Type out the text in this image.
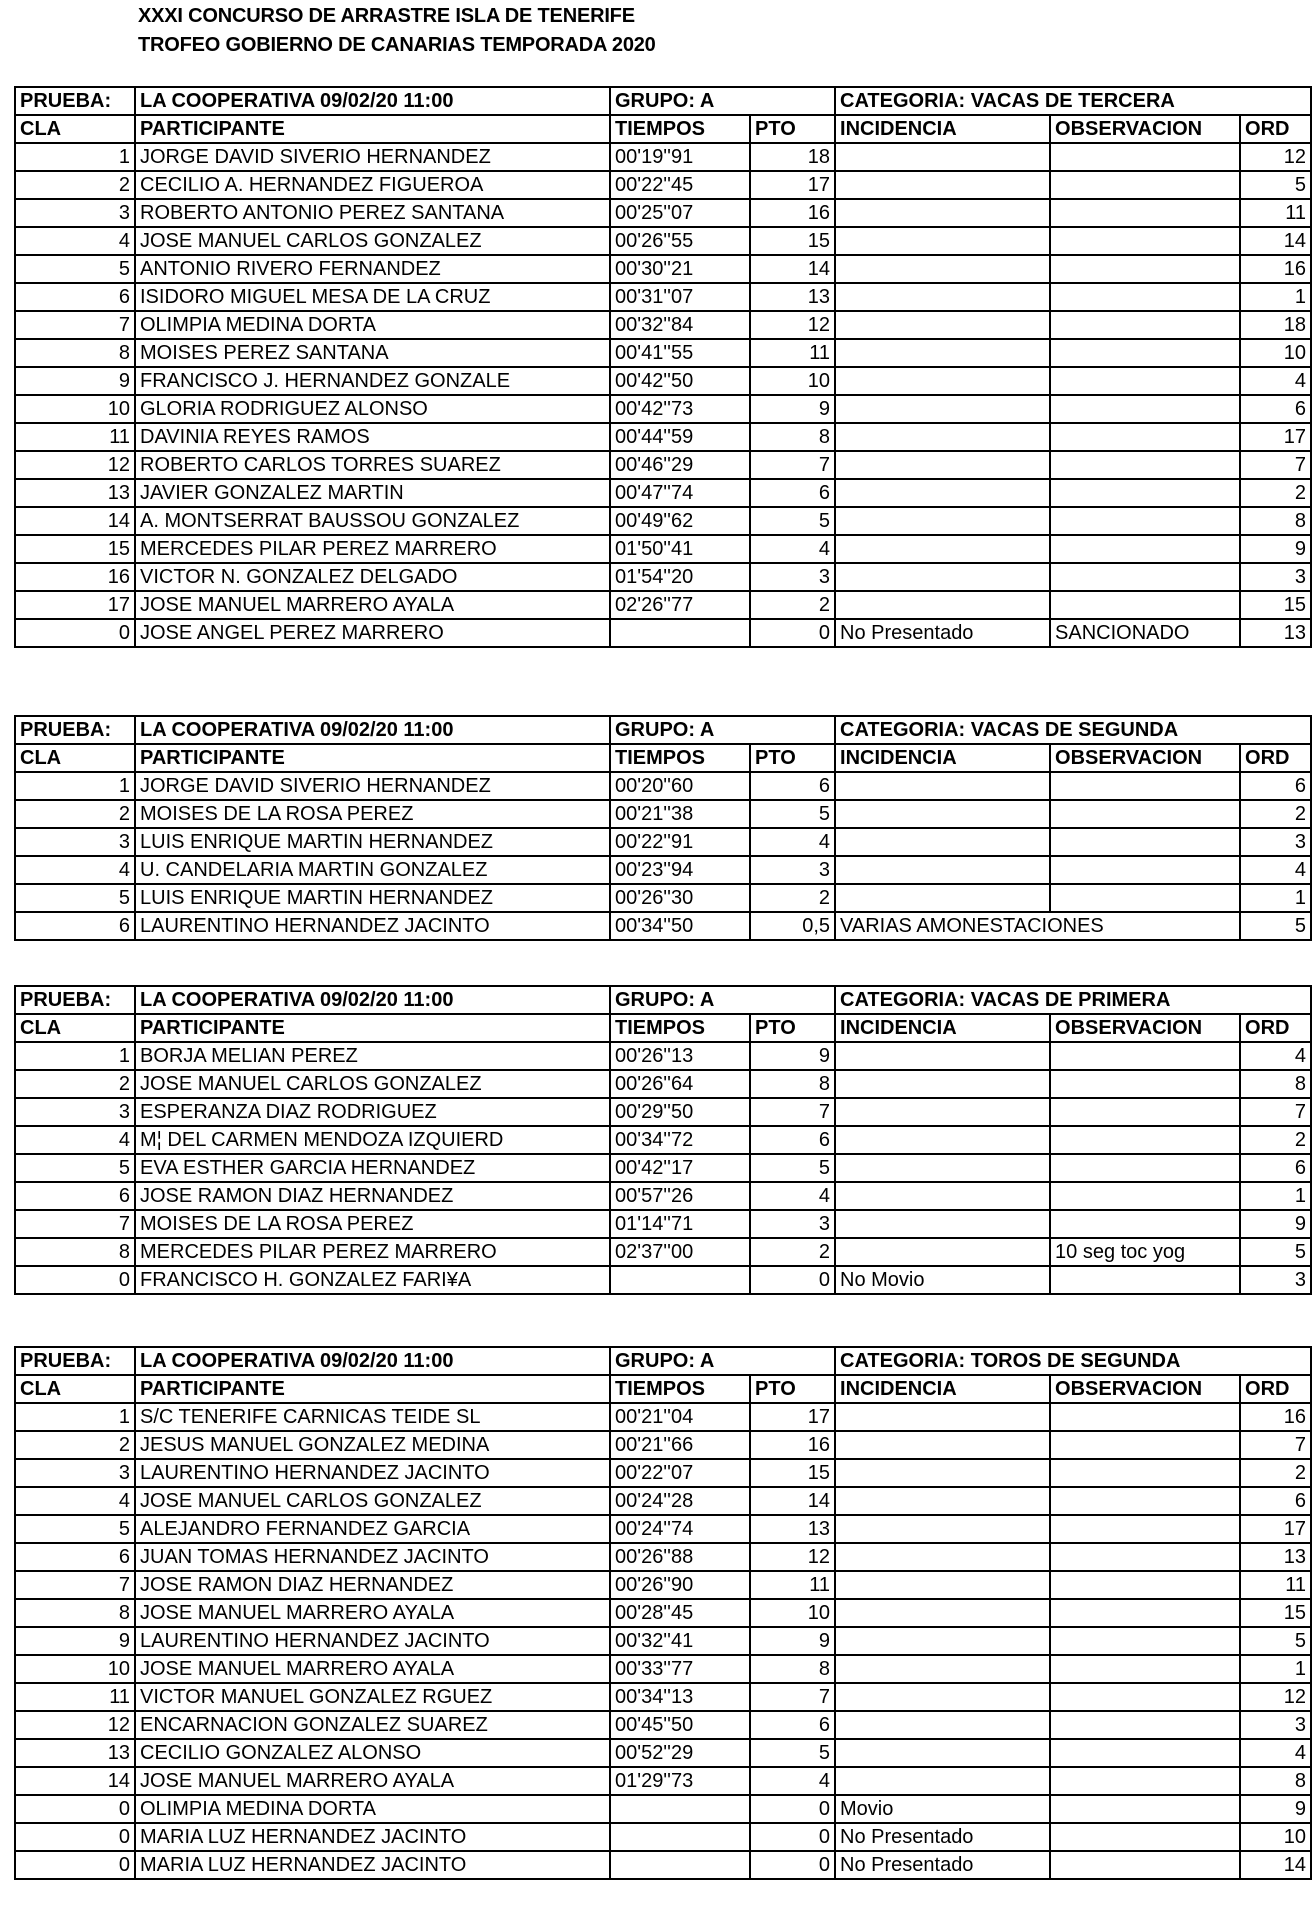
XXXI CONCURSO DE ARRASTRE ISLA DE TENERIFE
TROFEO GOBIERNO DE CANARIAS TEMPORADA 2020
PRUEBA:	LA COOPERATIVA 09/02/20 11:00	GRUPO: A		CATEGORIA: VACAS DE TERCERA		
CLA	PARTICIPANTE	TIEMPOS	PTO	INCIDENCIA	OBSERVACION	ORD
1	JORGE DAVID SIVERIO HERNANDEZ	00'19''91	18			12
2	CECILIO A. HERNANDEZ FIGUEROA	00'22''45	17			5
3	ROBERTO ANTONIO PEREZ SANTANA	00'25''07	16			11
4	JOSE MANUEL CARLOS GONZALEZ	00'26''55	15			14
5	ANTONIO RIVERO FERNANDEZ	00'30''21	14			16
6	ISIDORO MIGUEL MESA DE LA CRUZ	00'31''07	13			1
7	OLIMPIA MEDINA DORTA	00'32''84	12			18
8	MOISES PEREZ SANTANA	00'41''55	11			10
9	FRANCISCO J. HERNANDEZ GONZALE	00'42''50	10			4
10	GLORIA RODRIGUEZ ALONSO	00'42''73	9			6
11	DAVINIA REYES RAMOS	00'44''59	8			17
12	ROBERTO CARLOS TORRES SUAREZ	00'46''29	7			7
13	JAVIER GONZALEZ MARTIN	00'47''74	6			2
14	A. MONTSERRAT BAUSSOU GONZALEZ	00'49''62	5			8
15	MERCEDES PILAR PEREZ MARRERO	01'50''41	4			9
16	VICTOR N. GONZALEZ DELGADO	01'54''20	3			3
17	JOSE MANUEL MARRERO AYALA	02'26''77	2			15
0	JOSE ANGEL PEREZ MARRERO		0	No Presentado	SANCIONADO	13
PRUEBA:	LA COOPERATIVA 09/02/20 11:00	GRUPO: A		CATEGORIA: VACAS DE SEGUNDA		
CLA	PARTICIPANTE	TIEMPOS	PTO	INCIDENCIA	OBSERVACION	ORD
1	JORGE DAVID SIVERIO HERNANDEZ	00'20''60	6			6
2	MOISES DE LA ROSA PEREZ	00'21''38	5			2
3	LUIS ENRIQUE MARTIN HERNANDEZ	00'22''91	4			3
4	U. CANDELARIA MARTIN GONZALEZ	00'23''94	3			4
5	LUIS ENRIQUE MARTIN HERNANDEZ	00'26''30	2			1
6	LAURENTINO HERNANDEZ JACINTO	00'34''50	0,5	VARIAS AMONESTACIONES		5
PRUEBA:	LA COOPERATIVA 09/02/20 11:00	GRUPO: A		CATEGORIA: VACAS DE PRIMERA		
CLA	PARTICIPANTE	TIEMPOS	PTO	INCIDENCIA	OBSERVACION	ORD
1	BORJA MELIAN PEREZ	00'26''13	9			4
2	JOSE MANUEL CARLOS GONZALEZ	00'26''64	8			8
3	ESPERANZA DIAZ RODRIGUEZ	00'29''50	7			7
4	M¦ DEL CARMEN MENDOZA IZQUIERD	00'34''72	6			2
5	EVA ESTHER GARCIA HERNANDEZ	00'42''17	5			6
6	JOSE RAMON DIAZ HERNANDEZ	00'57''26	4			1
7	MOISES DE LA ROSA PEREZ	01'14''71	3			9
8	MERCEDES PILAR PEREZ MARRERO	02'37''00	2		10 seg toc yog	5
0	FRANCISCO H. GONZALEZ FARI¥A		0	No Movio		3
PRUEBA:	LA COOPERATIVA 09/02/20 11:00	GRUPO: A		CATEGORIA: TOROS DE SEGUNDA		
CLA	PARTICIPANTE	TIEMPOS	PTO	INCIDENCIA	OBSERVACION	ORD
1	S/C TENERIFE CARNICAS TEIDE SL	00'21''04	17			16
2	JESUS MANUEL GONZALEZ MEDINA	00'21''66	16			7
3	LAURENTINO HERNANDEZ JACINTO	00'22''07	15			2
4	JOSE MANUEL CARLOS GONZALEZ	00'24''28	14			6
5	ALEJANDRO FERNANDEZ GARCIA	00'24''74	13			17
6	JUAN TOMAS HERNANDEZ JACINTO	00'26''88	12			13
7	JOSE RAMON DIAZ HERNANDEZ	00'26''90	11			11
8	JOSE MANUEL MARRERO AYALA	00'28''45	10			15
9	LAURENTINO HERNANDEZ JACINTO	00'32''41	9			5
10	JOSE MANUEL MARRERO AYALA	00'33''77	8			1
11	VICTOR MANUEL GONZALEZ RGUEZ	00'34''13	7			12
12	ENCARNACION GONZALEZ SUAREZ	00'45''50	6			3
13	CECILIO GONZALEZ ALONSO	00'52''29	5			4
14	JOSE MANUEL MARRERO AYALA	01'29''73	4			8
0	OLIMPIA MEDINA DORTA		0	Movio		9
0	MARIA LUZ HERNANDEZ JACINTO		0	No Presentado		10
0	MARIA LUZ HERNANDEZ JACINTO		0	No Presentado		14
